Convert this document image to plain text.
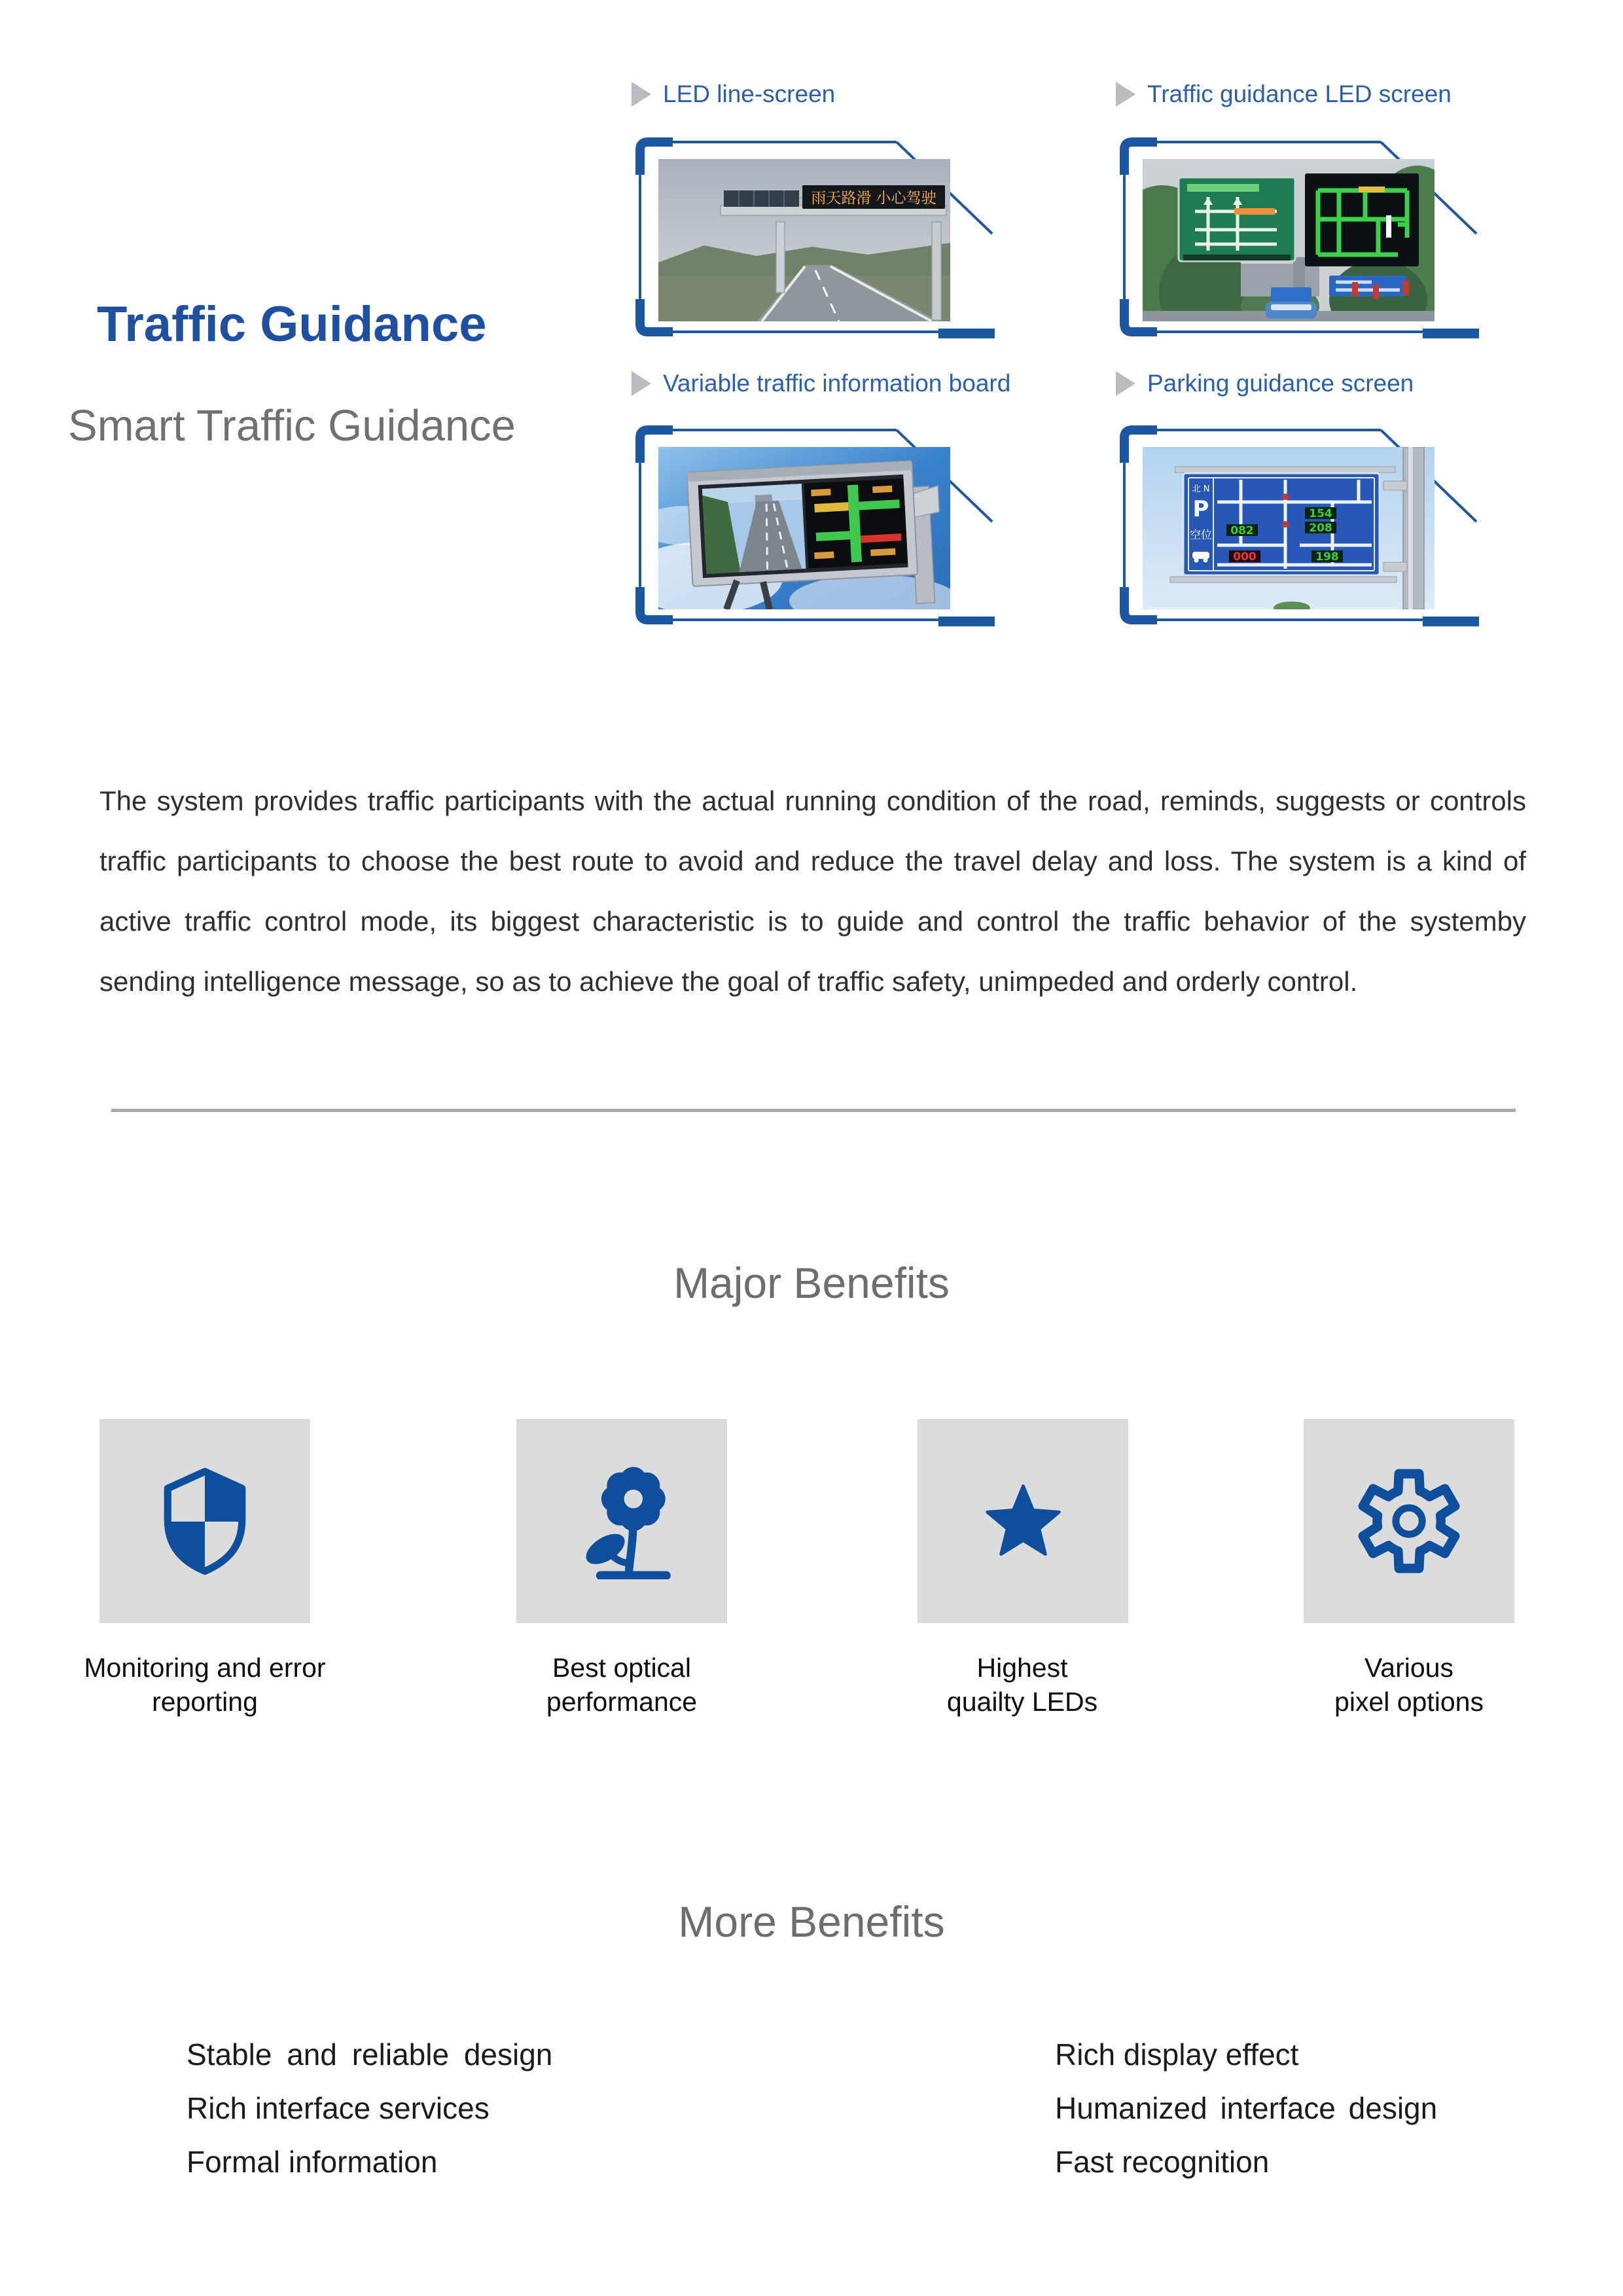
Traffic Guidance
Smart Traffic Guidance
LED line-screen	Traffic guidance LED screen
Variable traffic information board	Parking guidance screen
雨天路滑 小心驾驶
北 N
P
空位
154
208
082
198
000

The system provides traffic participants with the actual running condition of the road, reminds, suggests or controls traffic participants to choose the best route to avoid and reduce the travel delay and loss. The system is a kind of active traffic control mode, its biggest characteristic is to guide and control the traffic behavior of the systemby sending intelligence message, so as to achieve the goal of traffic safety, unimpeded and orderly control.

Major Benefits
Monitoring and error
reporting
Best optical
performance
Highest
quailty LEDs
Various
pixel options
More Benefits
Stable and reliable design
Rich interface services
Formal information
Rich display effect
Humanized interface design
Fast recognition
